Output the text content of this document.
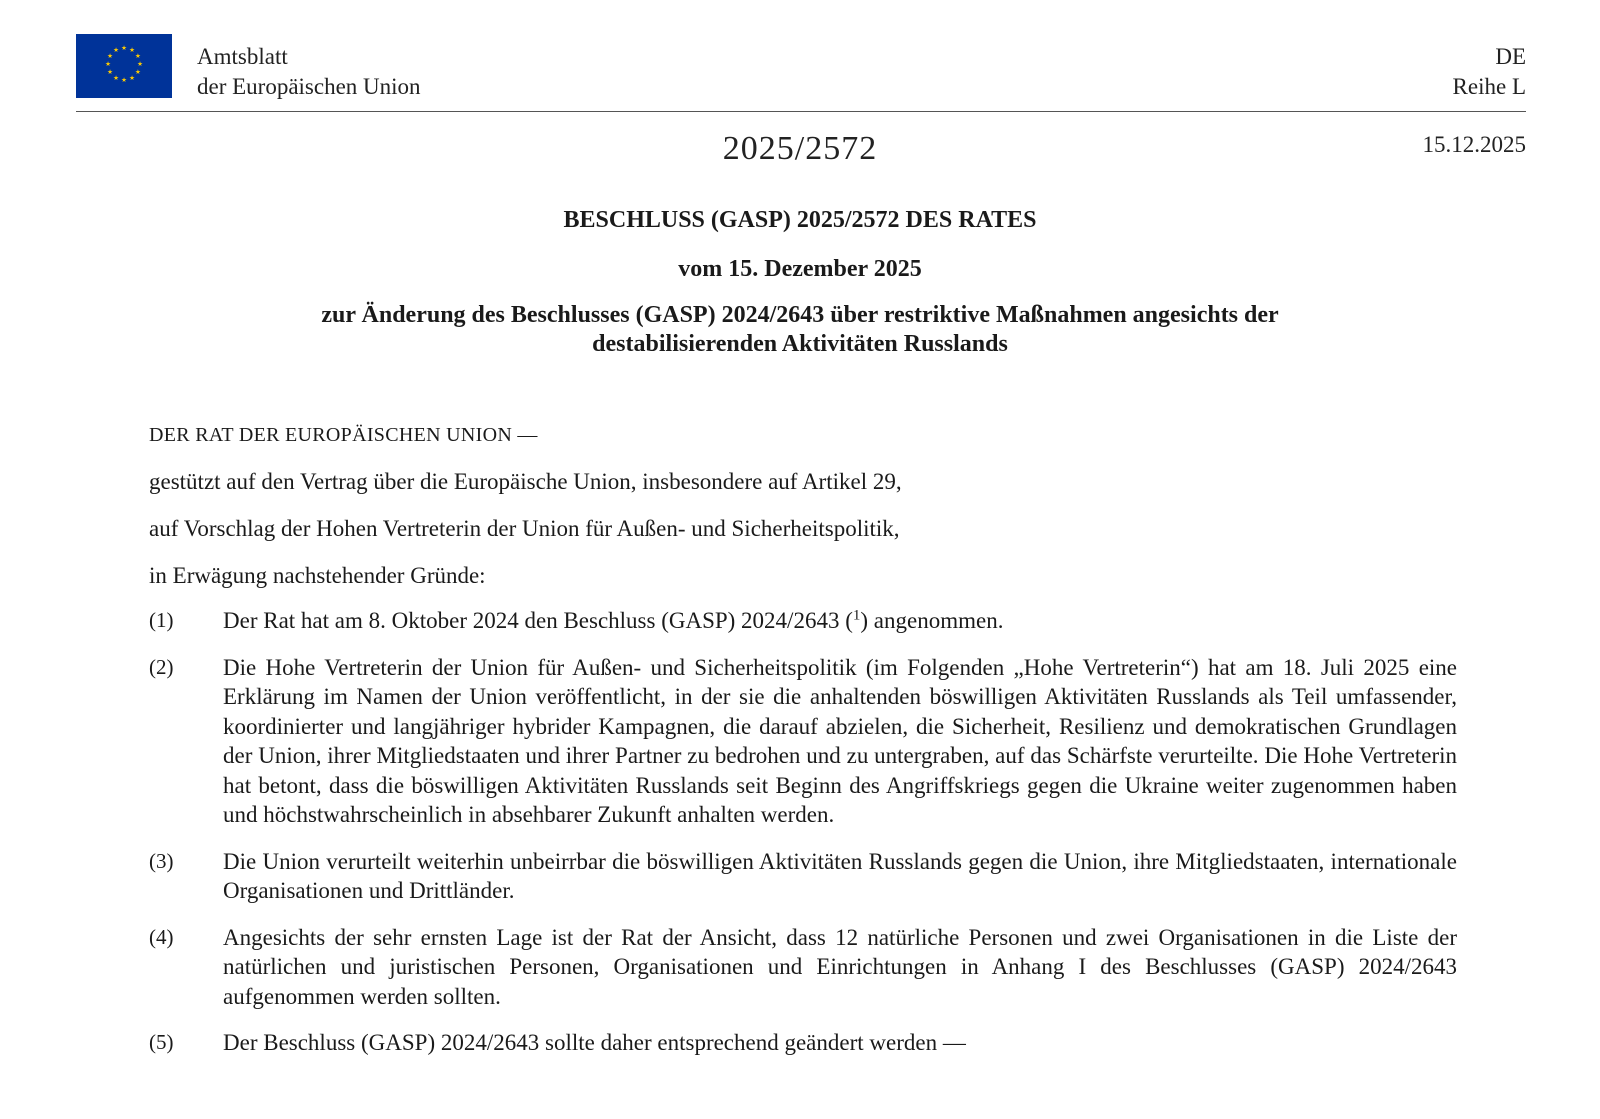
★ ★
★
★
★
★
★
★
★
★
★
★	Amtsblatt
der Europäischen Union
DE
Reihe L
2025/2572	15.12.2025
BESCHLUSS (GASP) 2025/2572 DES RATES
vom 15. Dezember 2025
zur Änderung des Beschlusses (GASP) 2024/2643 über restriktive Maßnahmen angesichts der destabilisierenden Aktivitäten Russlands
DER RAT DER EUROPÄISCHEN UNION —
gestützt auf den Vertrag über die Europäische Union, insbesondere auf Artikel 29,
auf Vorschlag der Hohen Vertreterin der Union für Außen- und Sicherheitspolitik,
in Erwägung nachstehender Gründe:
(1) Der Rat hat am 8. Oktober 2024 den Beschluss (GASP) 2024/2643 ($^1$) angenommen.
(2) Die Hohe Vertreterin der Union für Außen- und Sicherheitspolitik (im Folgenden „Hohe Vertreterin“) hat am 18. Juli 2025 eine Erklärung im Namen der Union veröffentlicht, in der sie die anhaltenden böswilligen Aktivitäten Russlands als Teil umfassender, koordinierter und langjähriger hybrider Kampagnen, die darauf abzielen, die Sicherheit, Resilienz und demokratischen Grundlagen der Union, ihrer Mitgliedstaaten und ihrer Partner zu bedrohen und zu untergraben, auf das Schärfste verurteilte. Die Hohe Vertreterin hat betont, dass die böswilligen Aktivitäten Russlands seit Beginn des Angriffskriegs gegen die Ukraine weiter zugenommen haben und höchstwahrscheinlich in absehbarer Zukunft anhalten werden.
(3) Die Union verurteilt weiterhin unbeirrbar die böswilligen Aktivitäten Russlands gegen die Union, ihre Mitgliedstaaten, internationale Organisationen und Drittländer.
(4) Angesichts der sehr ernsten Lage ist der Rat der Ansicht, dass 12 natürliche Personen und zwei Organisationen in die Liste der natürlichen und juristischen Personen, Organisationen und Einrichtungen in Anhang I des Beschlusses (GASP) 2024/2643 aufgenommen werden sollten.
(5) Der Beschluss (GASP) 2024/2643 sollte daher entsprechend geändert werden —
